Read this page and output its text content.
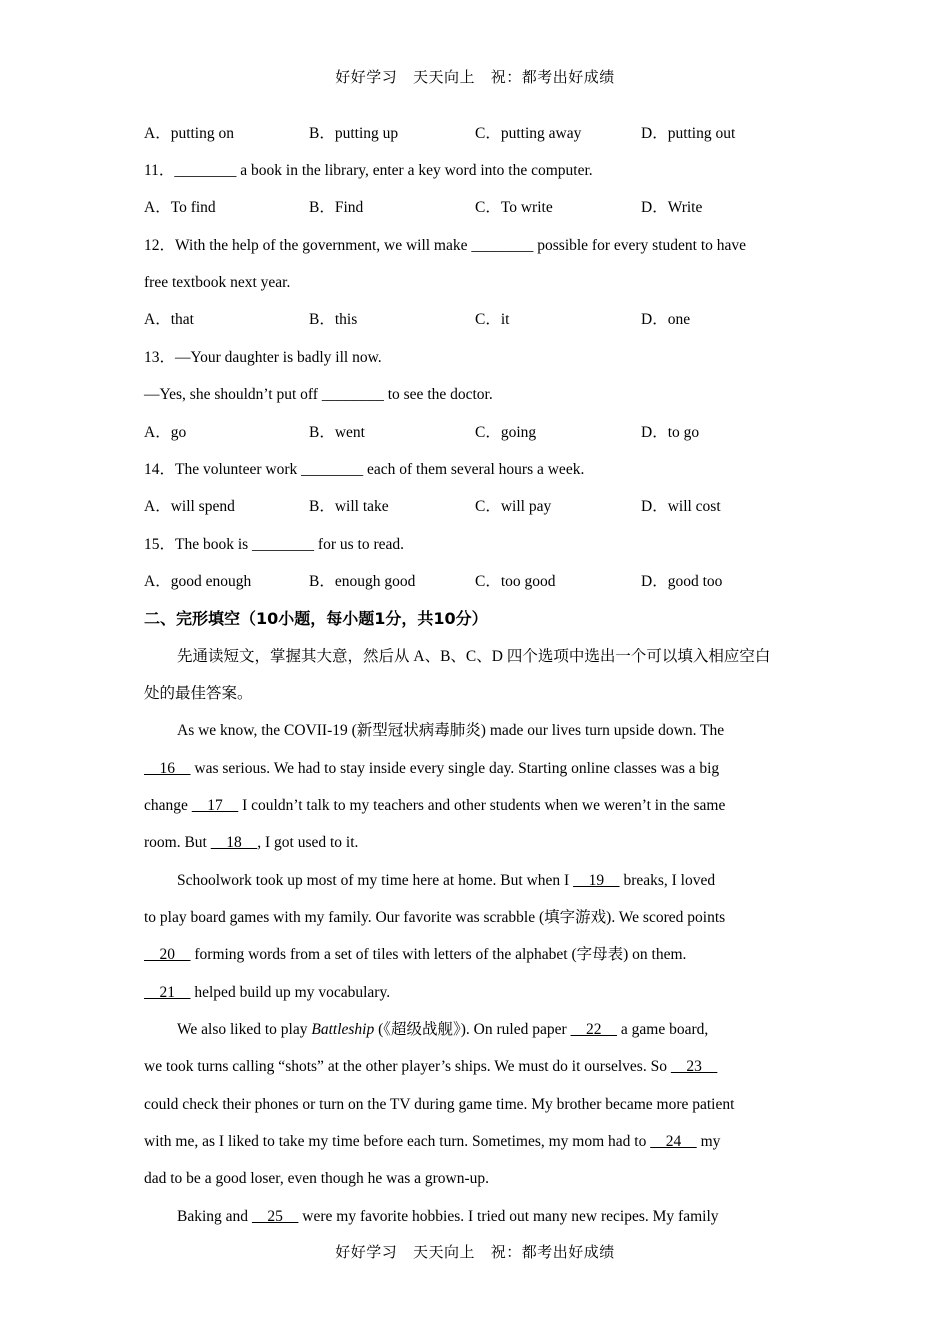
好好学习   天天向上   祝：都考出好成绩
A．putting on	B．putting up	C．putting away	D．putting out
11．________ a book in the library, enter a key word into the computer.
A．To find	B．Find	C．To write	D．Write
12．With the help of the government, we will make ________ possible for every student to have
free textbook next year.
A．that	B．this	C．it	D．one
13．—Your daughter is badly ill now.
—Yes, she shouldn’t put off ________ to see the doctor.
A．go	B．went	C．going	D．to go
14．The volunteer work ________ each of them several hours a week.
A．will spend	B．will take	C．will pay	D．will cost
15．The book is ________ for us to read.
A．good enough	B．enough good	C．too good	D．good too
二、完形填空（10小题，每小题1分，共10分）
先通读短文，掌握其大意，然后从 A、B、C、D 四个选项中选出一个可以填入相应空白
处的最佳答案。
As we know, the COVII-19 (新型冠状病毒肺炎) made our lives turn upside down. The
16     was serious. We had to stay inside every single day. Starting online classes was a big
change     17     I couldn’t talk to my teachers and other students when we weren’t in the same
room. But     18    , I got used to it.
Schoolwork took up most of my time here at home. But when I     19     breaks, I loved
to play board games with my family. Our favorite was scrabble (填字游戏). We scored points
20     forming words from a set of tiles with letters of the alphabet (字母表) on them.
21     helped build up my vocabulary.
We also liked to play Battleship (《超级战舰》). On ruled paper     22     a game board,
we took turns calling “shots” at the other player’s ships. We must do it ourselves. So     23
could check their phones or turn on the TV during game time. My brother became more patient
with me, as I liked to take my time before each turn. Sometimes, my mom had to     24     my
dad to be a good loser, even though he was a grown-up.
Baking and     25     were my favorite hobbies. I tried out many new recipes. My family
好好学习   天天向上   祝：都考出好成绩
